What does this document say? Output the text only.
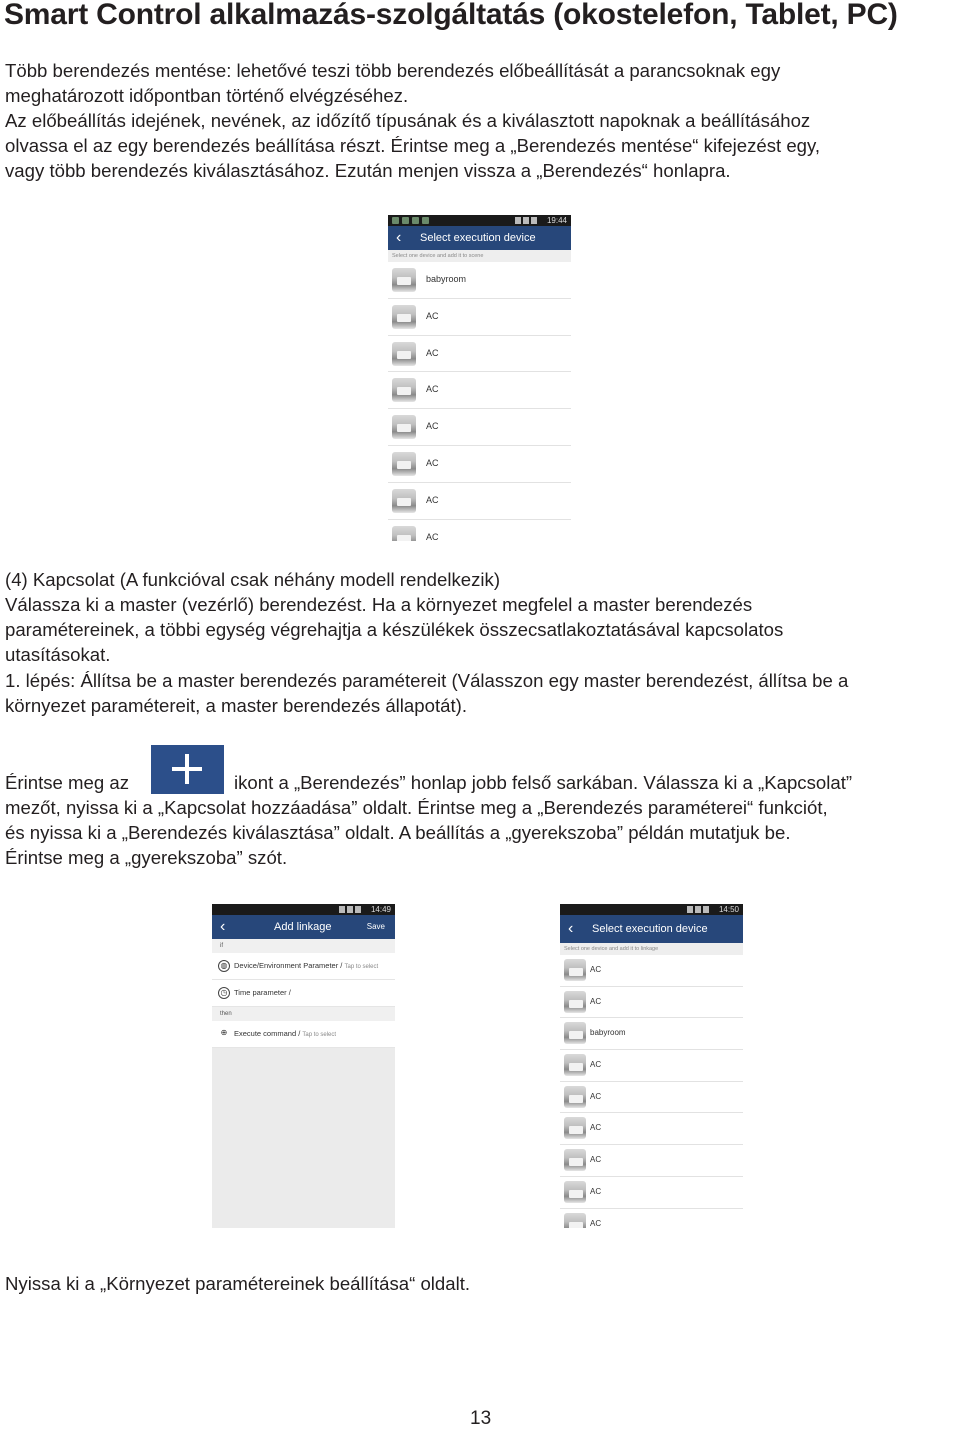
Smart Control alkalmazás-szolgáltatás (okostelefon, Tablet, PC)

Több berendezés mentése: lehetővé teszi több berendezés előbeállítását a parancsoknak egy

meghatározott időpontban történő elvégzéséhez.

Az előbeállítás idejének, nevének, az időzítő típusának és a kiválasztott napoknak a beállításához

olvassa el az egy berendezés beállítása részt. Érintse meg a „Berendezés mentése“ kifejezést egy,

vagy több berendezés kiválasztásához. Ezután menjen vissza a „Berendezés“ honlapra.

19:44
‹ Select execution device
Select one device and add it to scene
babyroom
AC
AC
AC
AC
AC
AC
AC

(4) Kapcsolat (A funkcióval csak néhány modell rendelkezik)

Válassza ki a master (vezérlő) berendezést. Ha a környezet megfelel a master berendezés

paramétereinek, a többi egység végrehajtja a készülékek összecsatlakoztatásával kapcsolatos

utasításokat.

1. lépés: Állítsa be a master berendezés paramétereit (Válasszon egy master berendezést, állítsa be a

környezet paramétereit, a master berendezés állapotát).

Érintse meg az	ikont a „Berendezés” honlap jobb felső sarkában. Válassza ki a „Kapcsolat”

mezőt, nyissa ki a „Kapcsolat hozzáadása” oldalt. Érintse meg a „Berendezés paraméterei“ funkciót,

és nyissa ki a „Berendezés kiválasztása” oldalt. A beállítás a „gyerekszoba” példán mutatjuk be.

Érintse meg a „gyerekszoba” szót.

14:49
‹	Add linkage	Save
if
◍ Device/Environment Parameter / Tap to select
◷ Time parameter /
then
⊕ Execute command / Tap to select
14:50
‹ Select execution device
Select one device and add it to linkage
AC
AC
babyroom
AC
AC
AC
AC
AC
AC

Nyissa ki a „Környezet paramétereinek beállítása“ oldalt.

13
